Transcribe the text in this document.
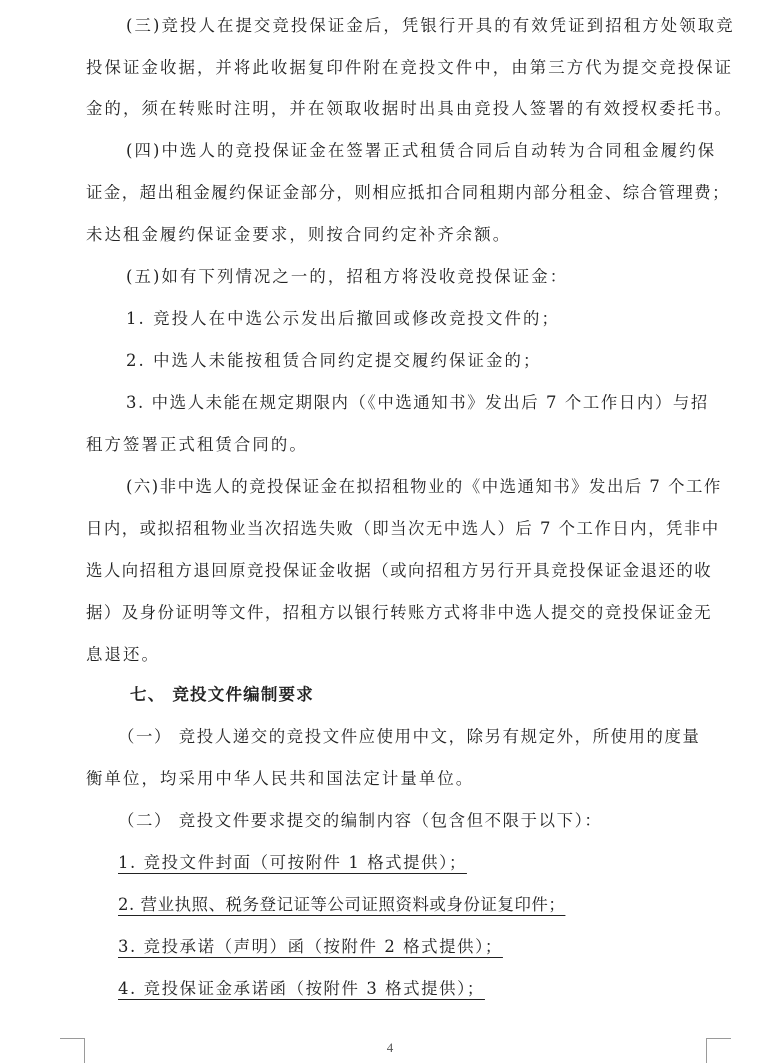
(三)竞投人在提交竞投保证金后，凭银行开具的有效凭证到招租方处领取竞
投保证金收据，并将此收据复印件附在竞投文件中，由第三方代为提交竞投保证
金的，须在转账时注明，并在领取收据时出具由竞投人签署的有效授权委托书。
(四)中选人的竞投保证金在签署正式租赁合同后自动转为合同租金履约保
证金，超出租金履约保证金部分，则相应抵扣合同租期内部分租金、综合管理费；
未达租金履约保证金要求，则按合同约定补齐余额。
(五)如有下列情况之一的，招租方将没收竞投保证金：
1. 竞投人在中选公示发出后撤回或修改竞投文件的；
2. 中选人未能按租赁合同约定提交履约保证金的；
3. 中选人未能在规定期限内（《中选通知书》发出后 7 个工作日内）与招
租方签署正式租赁合同的。
(六)非中选人的竞投保证金在拟招租物业的《中选通知书》发出后 7 个工作
日内，或拟招租物业当次招选失败（即当次无中选人）后 7 个工作日内，凭非中
选人向招租方退回原竞投保证金收据（或向招租方另行开具竞投保证金退还的收
据）及身份证明等文件，招租方以银行转账方式将非中选人提交的竞投保证金无
息退还。
七、 竞投文件编制要求
（一） 竞投人递交的竞投文件应使用中文，除另有规定外，所使用的度量
衡单位，均采用中华人民共和国法定计量单位。
（二） 竞投文件要求提交的编制内容（包含但不限于以下）：
1. 竞投文件封面（可按附件 1 格式提供）；
2. 营业执照、税务登记证等公司证照资料或身份证复印件；
3. 竞投承诺（声明）函（按附件 2 格式提供）；
4. 竞投保证金承诺函（按附件 3 格式提供）；
4
